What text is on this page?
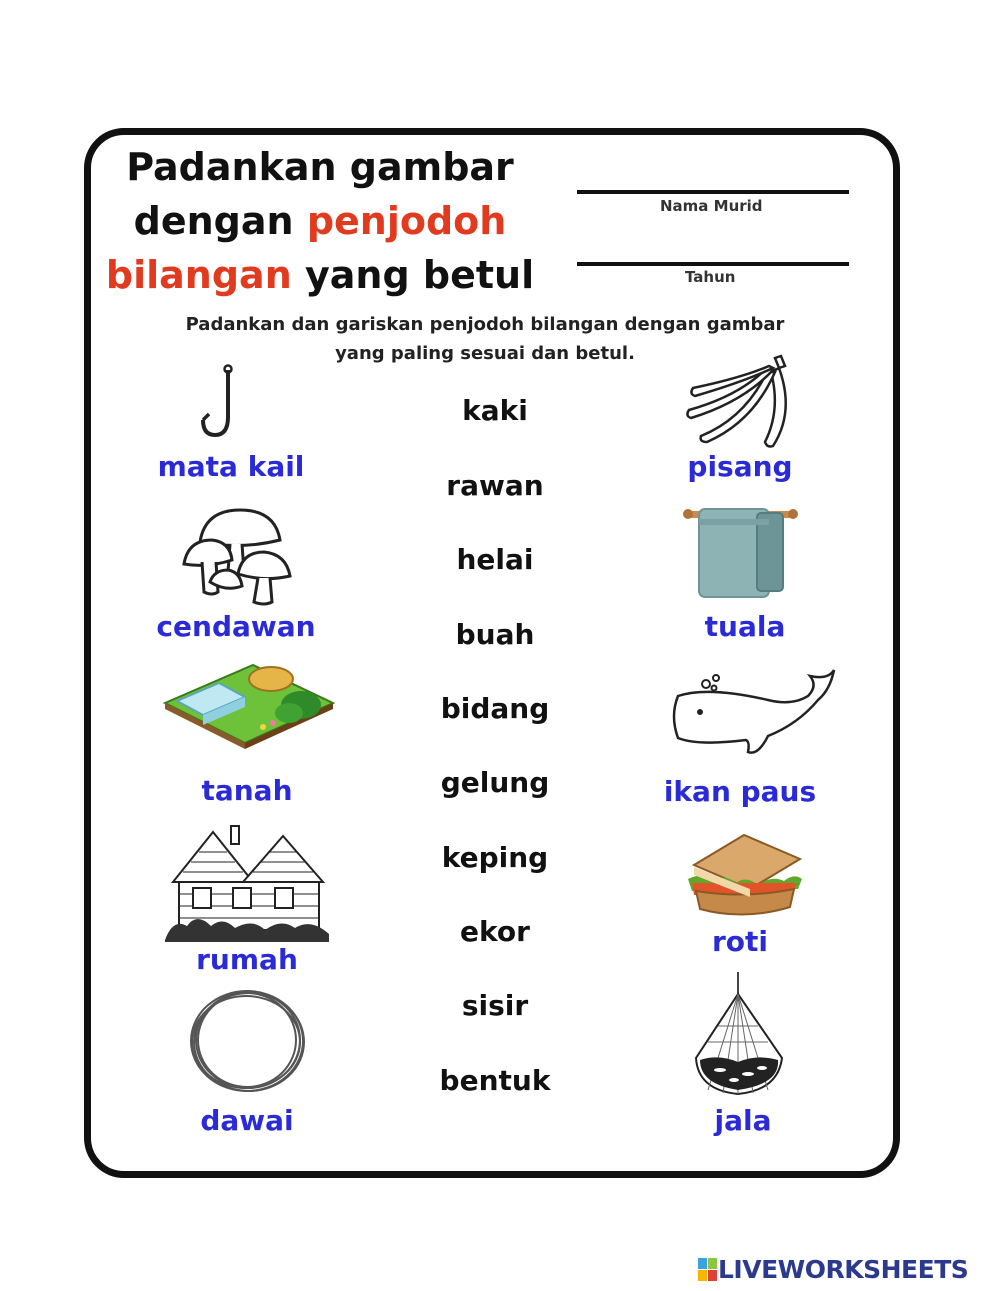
Padankan gambar
dengan penjodoh
bilangan yang betul
Nama Murid
Tahun
Padankan dan gariskan penjodoh bilangan dengan gambar
yang paling sesuai dan betul.
mata kail
cendawan
tanah
rumah
dawai
kaki
rawan
helai
buah
bidang
gelung
keping
ekor
sisir
bentuk
pisang
tuala
ikan paus
roti
jala
LIVEWORKSHEETS
